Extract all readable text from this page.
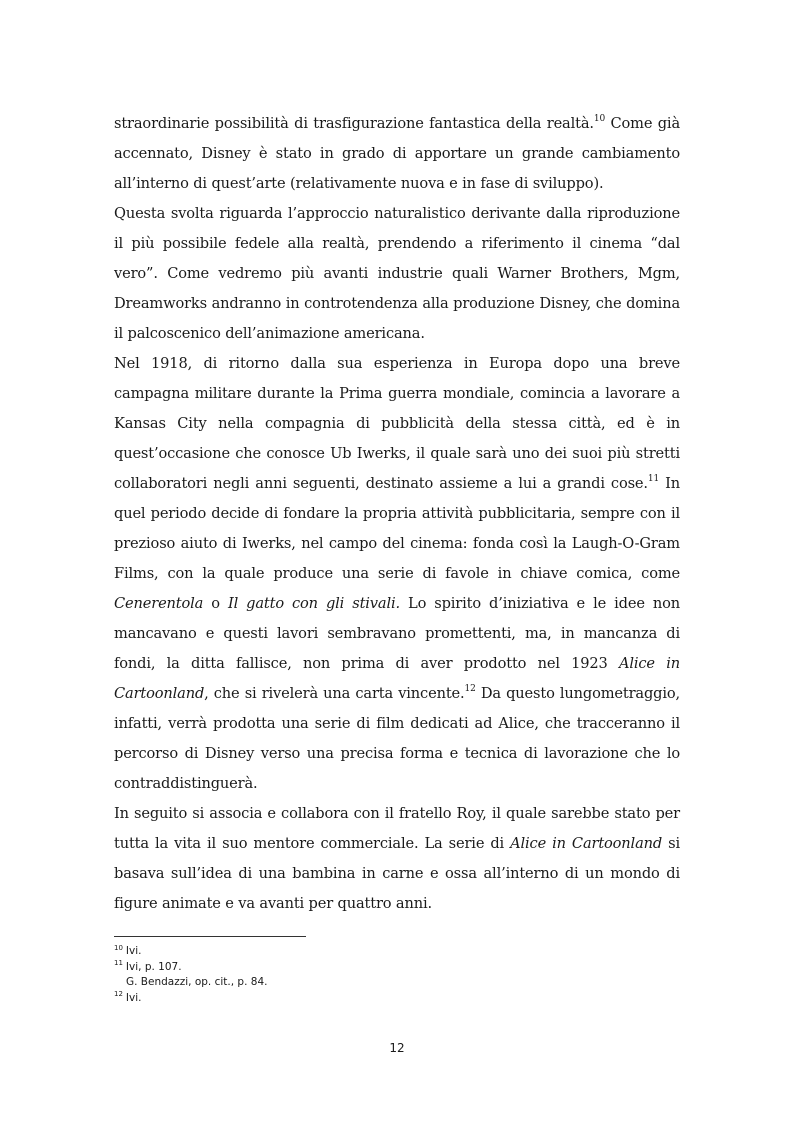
straordinarie possibilità di trasfigurazione fantastica della realtà.$^{10}$ Come già accennato, Disney è stato in grado di apportare un grande cambiamento all’interno di quest’arte (relativamente nuova e in fase di sviluppo).

Questa svolta riguarda l’approccio naturalistico derivante dalla riproduzione il più possibile fedele alla realtà, prendendo a riferimento il cinema “dal vero”. Come vedremo più avanti industrie quali Warner Brothers, Mgm, Dreamworks andranno in controtendenza alla produzione Disney, che domina il palcoscenico dell’animazione americana.

Nel 1918, di ritorno dalla sua esperienza in Europa dopo una breve campagna militare durante la Prima guerra mondiale, comincia a lavorare a Kansas City nella compagnia di pubblicità della stessa città, ed è in quest’occasione che conosce Ub Iwerks, il quale sarà uno dei suoi più stretti collaboratori negli anni seguenti, destinato assieme a lui a grandi cose.$^{11}$ In quel periodo decide di fondare la propria attività pubblicitaria, sempre con il prezioso aiuto di Iwerks, nel campo del cinema: fonda così la Laugh-O-Gram Films, con la quale produce una serie di favole in chiave comica, come Cenerentola o Il gatto con gli stivali. Lo spirito d’iniziativa e le idee non mancavano e questi lavori sembravano promettenti, ma, in mancanza di fondi, la ditta fallisce, non prima di aver prodotto nel 1923 Alice in Cartoonland, che si rivelerà una carta vincente.$^{12}$ Da questo lungometraggio, infatti, verrà prodotta una serie di film dedicati ad Alice, che tracceranno il percorso di Disney verso una precisa forma e tecnica di lavorazione che lo contraddistinguerà.

In seguito si associa e collabora con il fratello Roy, il quale sarebbe stato per tutta la vita il suo mentore commerciale. La serie di Alice in Cartoonland si basava sull’idea di una bambina in carne e ossa all’interno di un mondo di figure animate e va avanti per quattro anni.

$^{10}$ Ivi.
$^{11}$ Ivi, p. 107.
G. Bendazzi, op. cit., p. 84.
$^{12}$ Ivi.
12
